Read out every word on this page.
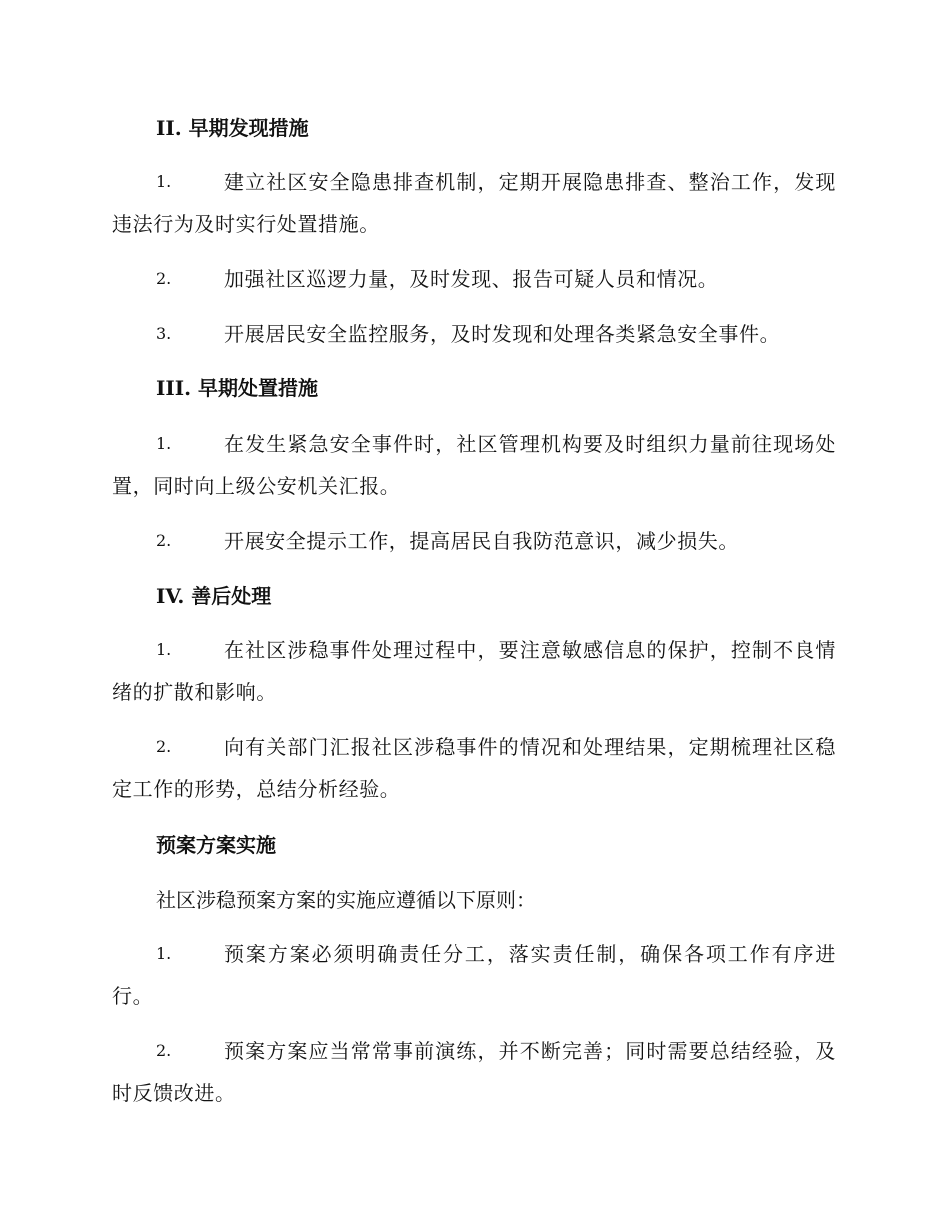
II. 早期发现措施
1.	建立社区安全隐患排查机制，定期开展隐患排查、整治工作，发现违法行为及时实行处置措施。
2.	加强社区巡逻力量，及时发现、报告可疑人员和情况。
3.	开展居民安全监控服务，及时发现和处理各类紧急安全事件。
III. 早期处置措施
1.	在发生紧急安全事件时，社区管理机构要及时组织力量前往现场处置，同时向上级公安机关汇报。
2.	开展安全提示工作，提高居民自我防范意识，减少损失。
IV. 善后处理
1.	在社区涉稳事件处理过程中，要注意敏感信息的保护，控制不良情绪的扩散和影响。
2.	向有关部门汇报社区涉稳事件的情况和处理结果，定期梳理社区稳定工作的形势，总结分析经验。
预案方案实施
社区涉稳预案方案的实施应遵循以下原则：
1.	预案方案必须明确责任分工，落实责任制，确保各项工作有序进行。
2.	预案方案应当常常事前演练，并不断完善；同时需要总结经验，及时反馈改进。
